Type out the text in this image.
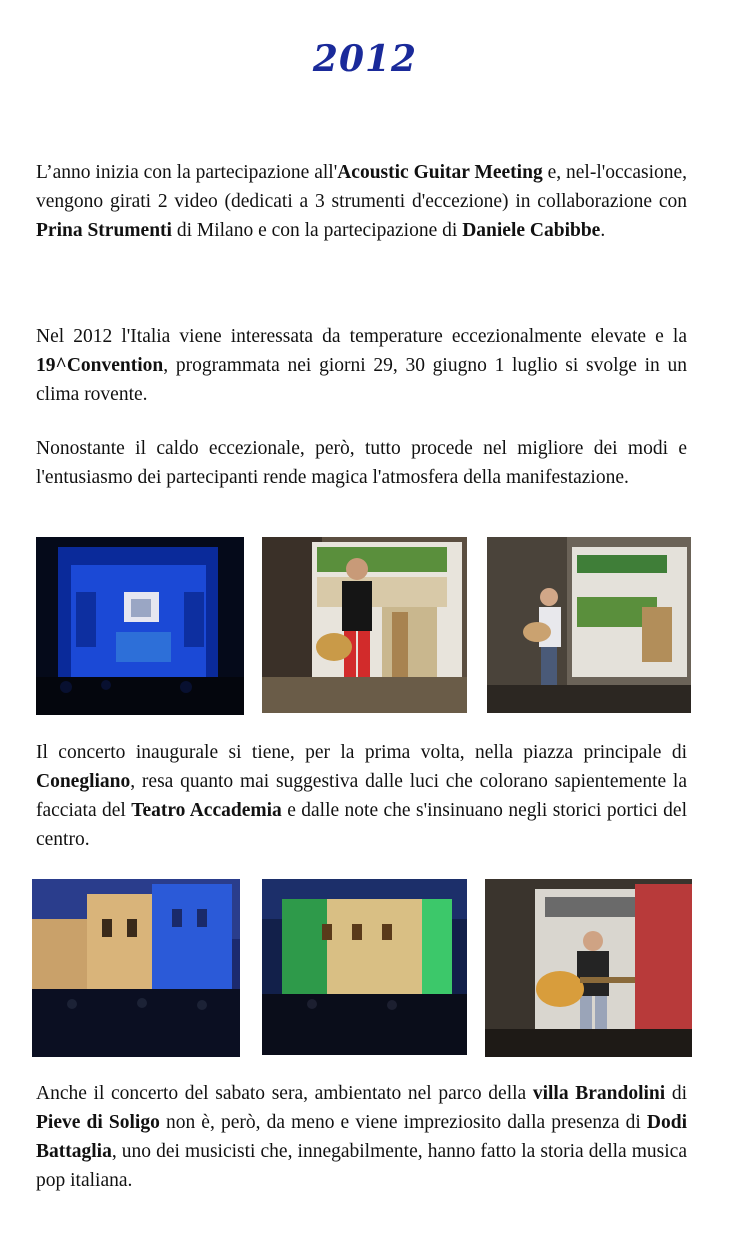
2012

L’anno inizia con la partecipazione all'Acoustic Guitar Meeting e, nel-l'occasione, vengono girati 2 video (dedicati a 3 strumenti d'eccezione) in collaborazione con Prina Strumenti di Milano e con la partecipazione di Daniele Cabibbe.

Nel 2012 l'Italia viene interessata da temperature eccezionalmente elevate e la 19^Convention, programmata nei giorni 29, 30 giugno 1 luglio si svolge in un clima rovente.

Nonostante il caldo eccezionale, però, tutto procede nel migliore dei modi e l'entusiasmo dei partecipanti rende magica l'atmosfera della manifestazione.

Il concerto inaugurale si tiene, per la prima volta, nella piazza principale di Conegliano, resa quanto mai suggestiva dalle luci che colorano sapientemente la facciata del Teatro Accademia e dalle note che s'insinuano negli storici portici del centro.

Anche il concerto del sabato sera, ambientato nel parco della villa Brandolini di Pieve di Soligo non è, però, da meno e viene impreziosito dalla presenza di Dodi Battaglia, uno dei musicisti che, innegabilmente, hanno fatto la storia della musica pop italiana.
